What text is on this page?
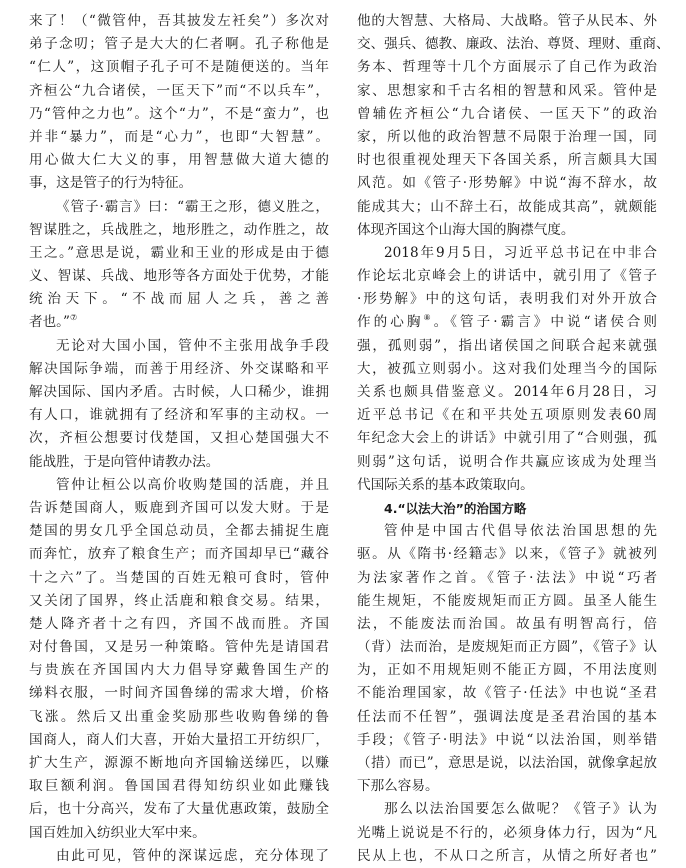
来了！（“微管仲，吾其披发左衽矣”）多次对
弟子念叨；管子是大大的仁者啊。孔子称他是
“仁人”，这顶帽子孔子可不是随便送的。当年
齐桓公“九合诸侯，一匡天下”而“不以兵车”，
乃“管仲之力也”。这个“力”，不是“蛮力”，也
并非“暴力”，而是“心力”，也即“大智慧”。
用心做大仁大义的事，用智慧做大道大德的
事，这是管子的行为特征。
《管子·霸言》曰：“霸王之形，德义胜之，
智谋胜之，兵战胜之，地形胜之，动作胜之，故
王之。”意思是说，霸业和王业的形成是由于德
义、智谋、兵战、地形等各方面处于优势，才能
统治天下。“不战而屈人之兵，善之善
者也。”⑦
无论对大国小国，管仲不主张用战争手段
解决国际争端，而善于用经济、外交谋略和平
解决国际、国内矛盾。古时候，人口稀少，谁拥
有人口，谁就拥有了经济和军事的主动权。一
次，齐桓公想要讨伐楚国，又担心楚国强大不
能战胜，于是向管仲请教办法。
管仲让桓公以高价收购楚国的活鹿，并且
告诉楚国商人，贩鹿到齐国可以发大财。于是
楚国的男女几乎全国总动员，全都去捕捉生鹿
而奔忙，放弃了粮食生产；而齐国却早已“藏谷
十之六”了。当楚国的百姓无粮可食时，管仲
又关闭了国界，终止活鹿和粮食交易。结果，
楚人降齐者十之有四，齐国不战而胜。齐国
对付鲁国，又是另一种策略。管仲先是请国君
与贵族在齐国国内大力倡导穿戴鲁国生产的
绨料衣服，一时间齐国鲁绨的需求大增，价格
飞涨。然后又出重金奖励那些收购鲁绨的鲁
国商人，商人们大喜，开始大量招工开纺织厂，
扩大生产，源源不断地向齐国输送绨匹，以赚
取巨额利润。鲁国国君得知纺织业如此赚钱
后，也十分高兴，发布了大量优惠政策，鼓励全
国百姓加入纺织业大军中来。
由此可见，管仲的深谋远虑，充分体现了
他的大智慧、大格局、大战略。管子从民本、外
交、强兵、德教、廉政、法治、尊贤、理财、重商、
务本、哲理等十几个方面展示了自己作为政治
家、思想家和千古名相的智慧和风采。管仲是
曾辅佐齐桓公“九合诸侯、一匡天下”的政治
家，所以他的政治智慧不局限于治理一国，同
时也很重视处理天下各国关系，所言颇具大国
风范。如《管子·形势解》中说“海不辞水，故
能成其大；山不辞土石，故能成其高”，就颇能
体现齐国这个山海大国的胸襟气度。
2018年9月5日，习近平总书记在中非合
作论坛北京峰会上的讲话中，就引用了《管子
·形势解》中的这句话，表明我们对外开放合
作的心胸⑧。《管子·霸言》中说“诸侯合则
强，孤则弱”，指出诸侯国之间联合起来就强
大，被孤立则弱小。这对我们处理当今的国际
关系也颇具借鉴意义。2014年6月28日，习
近平总书记《在和平共处五项原则发表60周
年纪念大会上的讲话》中就引用了“合则强，孤
则弱”这句话，说明合作共赢应该成为处理当
代国际关系的基本政策取向。
4.“以法大治”的治国方略
管仲是中国古代倡导依法治国思想的先
驱。从《隋书·经籍志》以来，《管子》就被列
为法家著作之首。《管子·法法》中说“巧者
能生规矩，不能废规矩而正方圆。虽圣人能生
法，不能废法而治国。故虽有明智高行，倍
（背）法而治，是废规矩而正方圆”，《管子》认
为，正如不用规矩则不能正方圆，不用法度则
不能治理国家，故《管子·任法》中也说“圣君
任法而不任智”，强调法度是圣君治国的基本
手段；《管子·明法》中说“以法治国，则举错
（措）而已”，意思是说，以法治国，就像拿起放
下那么容易。
那么以法治国要怎么做呢？《管子》认为
光嘴上说说是不行的，必须身体力行，因为“凡
民从上也，不从口之所言，从情之所好者也”
